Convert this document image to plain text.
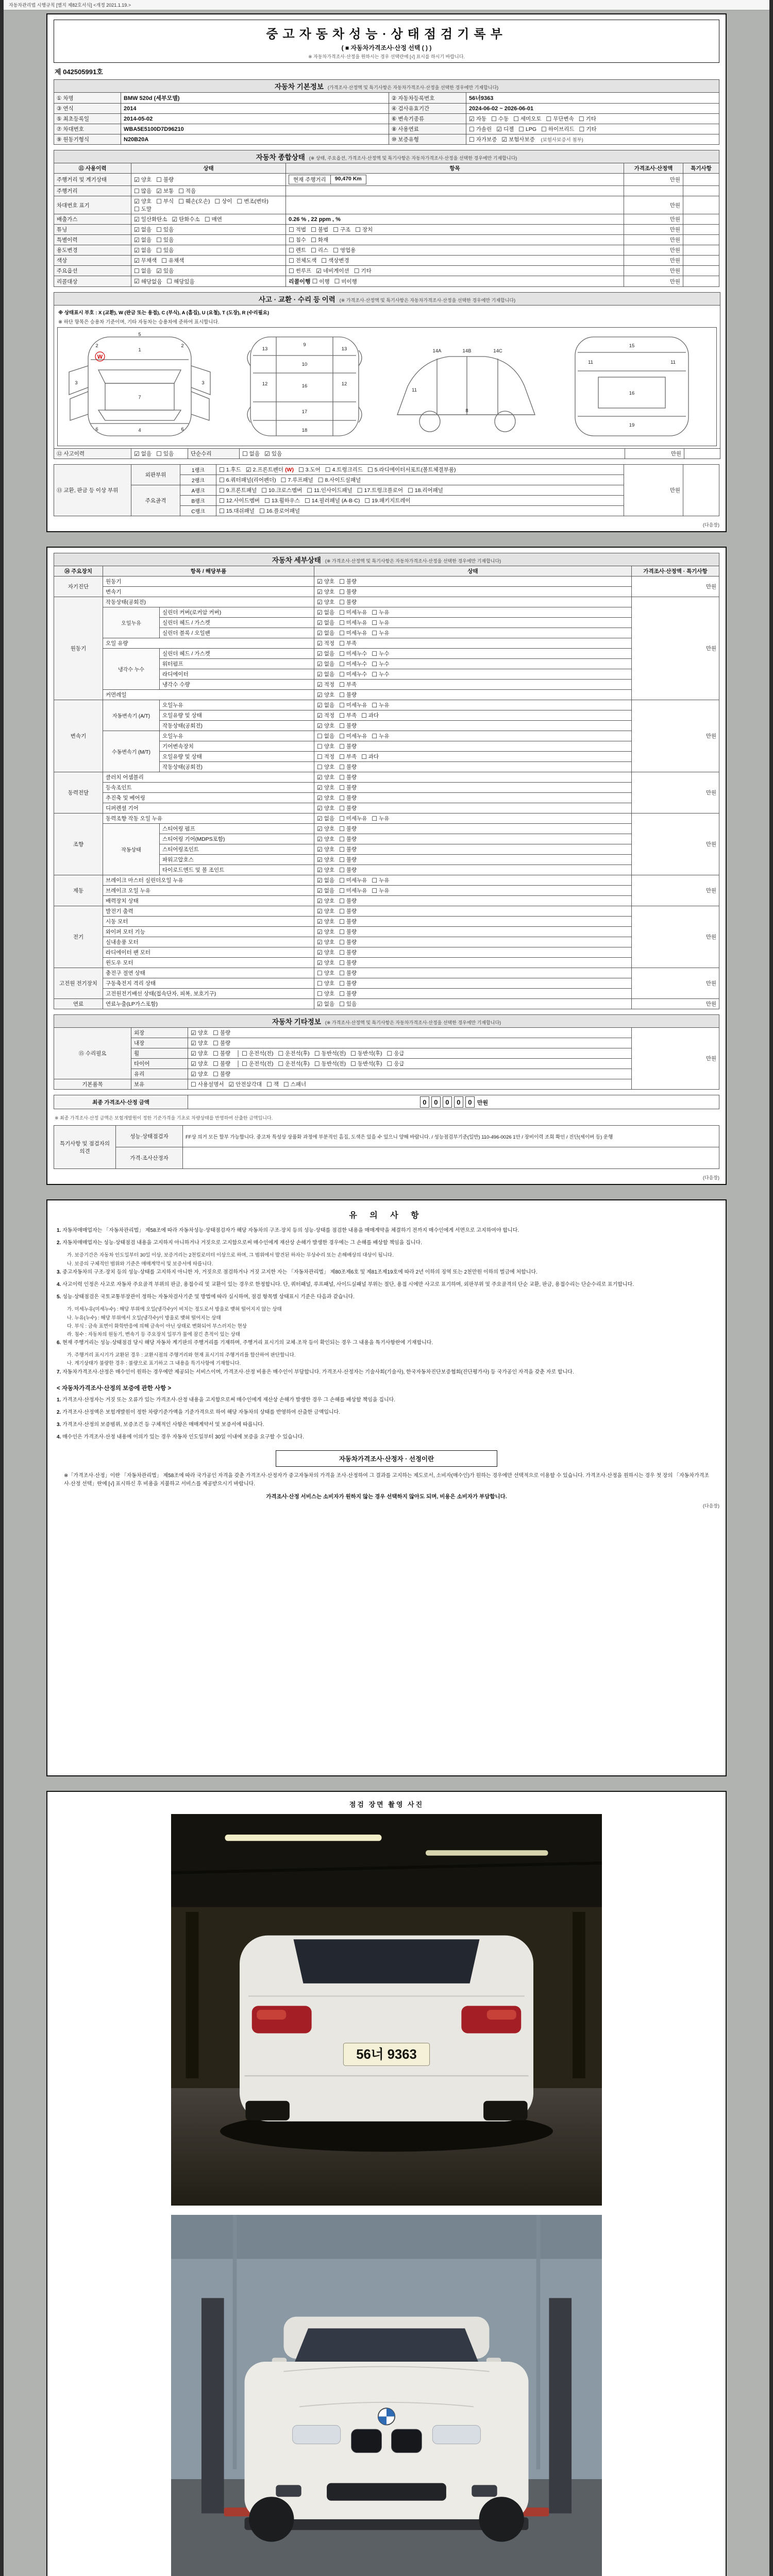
자동차관리법 시행규칙 [별지 제82호서식] <개정 2021.1.19.>
중고자동차성능·상태점검기록부
( ■ 자동차가격조사·산정 선택 ( ) )
※ 자동차가격조사·산정을 원하시는 경우 선택란에 [√] 표시를 하시기 바랍니다.
제 042505991호
자동차 기본정보 (가격조사·산정액 및 특기사항은 자동차가격조사·산정을 선택한 경우에만 기재합니다)			
① 차명	BMW 520d (세부모델)	② 자동차등록번호	56너9363
③ 연식	2014	④ 검사유효기간	2024-06-02 ~ 2026-06-01
⑤ 최초등록일	2014-05-02	⑥ 변속기종류	☑ 자동 ☐ 수동 ☐ 세미오토 ☐ 무단변속 ☐ 기타

⑦ 차대번호	WBA5E5100D7D96210	⑧ 사용연료	☐ 가솔린 ☑ 디젤 ☐ LPG ☐ 하이브리드 ☐ 기타

⑨ 원동기형식	N20B20A	⑩ 보증유형	☐ 자가보증 ☑ 보험사보증 (보험사보증서 첨부)
자동차 종합상태 (※ 상태, 주요옵션, 가격조사·산정액 및 특기사항은 자동차가격조사·산정을 선택한 경우에만 기재합니다)				
⑪ 사용이력	상태	항목	가격조사·산정액	특기사항
주행거리 및 계기상태	☑ 양호 ☐ 불량	현재 주행거리 90,470 Km	만원	
주행거리	☐ 많음 ☑ 보통 ☐ 적음

차대번호 표기	
☑ 양호 ☐ 부식 ☐ 훼손(오손) ☐ 상이 ☐ 변조(변타)
☐ 도말
		만원	
배출가스	☑ 일산화탄소 ☑ 탄화수소 ☐ 매연	0.26 % , 22 ppm , %	만원	
튜닝	☑ 없음 ☐ 있음	☐ 적법 ☐ 불법 ☐ 구조 ☐ 장치	만원	
특별이력	☑ 없음 ☐ 있음	☐ 침수 ☐ 화재	만원	
용도변경	☑ 없음 ☐ 있음	☐ 렌트 ☐ 리스 ☐ 영업용	만원	
색상	☑ 무채색 ☐ 유채색	☐ 전체도색 ☐ 색상변경	만원	
주요옵션	☐ 없음 ☑ 있음	☐ 썬루프 ☑ 네비게이션 ☐ 기타	만원	
리콜대상	☑ 해당없음 ☐ 해당있음	리콜이행 ☐ 이행 ☐ 미이행	만원	
사고 · 교환 · 수리 등 이력 (※ 가격조사·산정액 및 특기사항은 자동차가격조사·산정을 선택한 경우에만 기재합니다)

※ 상태표시 부호 : X (교환), W (판금 또는 용접), C (부식), A (흠집), U (요철), T (도장), R (수리필요)
※ 하단 항목은 승용차 기준이며, 기타 자동차는 승용차에 준하여 표시합니다.
1
7
4
2	2
3	3
6	6
5
W
9
10
12	12
13	13
16
17
18
14A	14B	14C
8
11
15
11	11
16
19

⑫ 사고이력	☑ 없음 ☐ 있음	단순수리	☐ 없음 ☑ 있음	만원	
⑬ 교환, 판금 등 이상 부위	외판부위	1랭크	☐ 1.후드 ☑ 2.프론트펜더 (W) ☐ 3.도어 ☐ 4.트렁크리드 ☐ 5.라디에이터서포트(볼트체결부품)
	만원	
2랭크	☐ 6.쿼터패널(리어펜더) ☐ 7.루프패널 ☐ 8.사이드실패널

주요골격	A랭크	☐ 9.프론트패널 ☐ 10.크로스멤버 ☐ 11.인사이드패널 ☐ 17.트렁크플로어 ☐ 18.리어패널

B랭크	☐ 12.사이드멤버 ☐ 13.휠하우스 ☐ 14.필러패널 (A·B·C) ☐ 19.패키지트레이

		C랭크	☐ 15.대쉬패널 ☐ 16.플로어패널		
(다음장)
자동차 세부상태 (※ 가격조사·산정액 및 특기사항은 자동차가격조사·산정을 선택한 경우에만 기재합니다)				
⑭ 주요장치	항목 / 해당부품		상태	가격조사·산정액 · 특기사항
자기진단	원동기		☑ 양호 ☐ 불량	만원
	변속기		☑ 양호 ☐ 불량	

원동기	작동상태(공회전)		☑ 양호 ☐ 불량	만원
오일누유	실린더 커버(로커암 커버)	☑ 없음 ☐ 미세누유 ☐ 누유

실린더 헤드 / 가스켓	☑ 없음 ☐ 미세누유 ☐ 누유

실린더 블록 / 오일팬	☑ 없음 ☐ 미세누유 ☐ 누유

	오일 유량		☑ 적정 ☐ 부족	

냉각수 누수	실린더 헤드 / 가스켓	☑ 없음 ☐ 미세누수 ☐ 누수

워터펌프	☑ 없음 ☐ 미세누수 ☐ 누수

라디에이터	☑ 없음 ☐ 미세누수 ☐ 누수

		냉각수 수량	☑ 적정 ☐ 부족	

	커먼레일		☑ 양호 ☐ 불량	

변속기	자동변속기 (A/T)	오일누유	☑ 없음 ☐ 미세누유 ☐ 누유
	만원
오일유량 및 상태	☑ 적정 ☐ 부족 ☐ 과다

		작동상태(공회전)	☑ 양호 ☐ 불량	

수동변속기 (M/T)	오일누유	☐ 없음 ☐ 미세누유 ☐ 누유

		기어변속장치	☐ 양호 ☐ 불량	

오일유량 및 상태	☐ 적정 ☐ 부족 ☐ 과다

		작동상태(공회전)	☐ 양호 ☐ 불량	

동력전달	클러치 어셈블리		☑ 양호 ☐ 불량	만원
	등속조인트		☑ 양호 ☐ 불량	

	추진축 및 베어링		☑ 양호 ☐ 불량	

	디퍼렌셜 기어		☑ 양호 ☐ 불량	

조향	동력조향 작동 오일 누유	☑ 없음 ☐ 미세누유 ☐ 누유
	만원
	작동상태	스티어링 펌프	☑ 양호 ☐ 불량	

		스티어링 기어(MDPS포함)	☑ 양호 ☐ 불량	

		스티어링조인트	☑ 양호 ☐ 불량	

		파워고압호스	☑ 양호 ☐ 불량	

		타이로드엔드 및 볼 조인트	☑ 양호 ☐ 불량	

제동	브레이크 마스터 실린더오일 누유	☑ 없음 ☐ 미세누유 ☐ 누유
	만원
브레이크 오일 누유	☑ 없음 ☐ 미세누유 ☐ 누유

	배력장치 상태		☑ 양호 ☐ 불량	

전기	발전기 출력		☑ 양호 ☐ 불량	만원
	시동 모터		☑ 양호 ☐ 불량	

	와이퍼 모터 기능		☑ 양호 ☐ 불량	

	실내송풍 모터		☑ 양호 ☐ 불량	

	라디에이터 팬 모터		☑ 양호 ☐ 불량	

	윈도우 모터		☑ 양호 ☐ 불량	

고전원 전기장치	충전구 절연 상태		☐ 양호 ☐ 불량	만원
	구동축전지 격리 상태		☐ 양호 ☐ 불량	

	고전원전기배선 상태(접속단자, 피복, 보호기구)		☐ 양호 ☐ 불량	

연료	연료누출(LP가스포함)		☑ 없음 ☐ 있음	만원
자동차 기타정보 (※ 가격조사·산정액 및 특기사항은 자동차가격조사·산정을 선택한 경우에만 기재합니다)			
⑮ 수리필요	외장	☑ 양호 ☐ 불량	만원
	내장	☑ 양호 ☐ 불량	

휠	☑ 양호 ☐ 불량 │ ☐ 운전석(전) ☐ 운전석(후) ☐ 동반석(전) ☐ 동반석(후) ☐ 응급

타이어	☑ 양호 ☐ 불량 │ ☐ 운전석(전) ☐ 운전석(후) ☐ 동반석(전) ☐ 동반석(후) ☐ 응급

	유리	☑ 양호 ☐ 불량	

기본품목	보유	☐ 사용설명서 ☑ 안전삼각대 ☐ 잭 ☐ 스패너
최종 가격조사·산정 금액	0 0 0 0 0 만원
※ 최종 가격조사·산정 금액은 보험개발원이 정한 기준가격을 기초로 차량상태를 반영하여 산출한 금액입니다.
특기사항 및 점검자의 의견	성능·상태점검자	FF상 의거 모든 할부 가능합니다. 중고차 특성상 상품화 과정에 부분적인 흠집, 도색은 있을 수 있으니 양해 바랍니다. / 성능점검부기준(일반) 110-496-0026 1안 / 장비이력 조회 확인 / 진단(세이버 등) 운행
	가격·조사산정자	
(다음장)
유 의 사 항
1. 자동차매매업자는 「자동차관리법」 제58조에 따라 자동차성능·상태점검자가 해당 자동차의 구조·장치 등의 성능·상태를 점검한 내용을 매매계약을 체결하기 전까지 매수인에게 서면으로 고지하여야 합니다.
2. 자동차매매업자는 성능·상태점검 내용을 고지하지 아니하거나 거짓으로 고지함으로써 매수인에게 재산상 손해가 발생한 경우에는 그 손해를 배상할 책임을 집니다.
가. 보증기간은 자동차 인도일부터 30일 이상, 보증거리는 2천킬로미터 이상으로 하며, 그 범위에서 발견된 하자는 무상수리 또는 손해배상의 대상이 됩니다.
나. 보증의 구체적인 범위와 기준은 매매계약서 및 보증서에 따릅니다.
3. 중고자동차의 구조·장치 등의 성능·상태를 고지하지 아니한 자, 거짓으로 점검하거나 거짓 고지한 자는 「자동차관리법」 제80조제6호 및 제81조제19호에 따라 2년 이하의 징역 또는 2천만원 이하의 벌금에 처합니다.
4. 사고이력 인정은 사고로 자동차 주요골격 부위의 판금, 용접수리 및 교환이 있는 경우로 한정합니다. 단, 쿼터패널, 루프패널, 사이드실패널 부위는 절단, 용접 시에만 사고로 표기하며, 외판부위 및 주요골격의 단순 교환, 판금, 용접수리는 단순수리로 표기합니다.
5. 성능·상태점검은 국토교통부장관이 정하는 자동차검사기준 및 방법에 따라 실시하며, 점검 항목별 상태표시 기준은 다음과 같습니다.
가. 미세누유(미세누수) : 해당 부위에 오일(냉각수)이 비치는 정도로서 방울로 맺혀 떨어지지 않는 상태
나. 누유(누수) : 해당 부위에서 오일(냉각수)이 방울로 맺혀 떨어지는 상태
다. 부식 : 금속 표면이 화학반응에 의해 금속이 아닌 상태로 변화되어 부스러지는 현상
라. 침수 : 자동차의 원동기, 변속기 등 주요장치 일부가 물에 잠긴 흔적이 있는 상태
6. 현재 주행거리는 성능·상태점검 당시 해당 자동차 계기판의 주행거리를 기재하며, 주행거리 표시기의 교체·조작 등이 확인되는 경우 그 내용을 특기사항란에 기재합니다.
가. 주행거리 표시기가 교환된 경우 : 교환시점의 주행거리와 현재 표시기의 주행거리를 합산하여 판단합니다.
나. 계기상태가 불량한 경우 : 불량으로 표기하고 그 내용을 특기사항에 기재합니다.
7. 자동차가격조사·산정은 매수인이 원하는 경우에만 제공되는 서비스이며, 가격조사·산정 비용은 매수인이 부담합니다. 가격조사·산정자는 기술사회(기술사), 한국자동차진단보증협회(진단평가사) 등 국가공인 자격을 갖춘 자로 합니다.
< 자동차가격조사·산정의 보증에 관한 사항 >
1. 가격조사·산정자는 거짓 또는 오류가 있는 가격조사·산정 내용을 고지함으로써 매수인에게 재산상 손해가 발생한 경우 그 손해를 배상할 책임을 집니다.
2. 가격조사·산정액은 보험개발원이 정한 차량기준가액을 기준가격으로 하여 해당 자동차의 상태를 반영하여 산출한 금액입니다.
3. 가격조사·산정의 보증범위, 보증조건 등 구체적인 사항은 매매계약서 및 보증서에 따릅니다.
4. 매수인은 가격조사·산정 내용에 이의가 있는 경우 자동차 인도일부터 30일 이내에 보증을 요구할 수 있습니다.
자동차가격조사·산정자 · 선정이란
※「가격조사·산정」이란 「자동차관리법」 제58조에 따라 국가공인 자격을 갖춘 가격조사·산정자가 중고자동차의 가격을 조사·산정하여 그 결과를 고지하는 제도로서, 소비자(매수인)가 원하는 경우에만 선택적으로 이용할 수 있습니다. 가격조사·산정을 원하시는 경우 첫 장의 「자동차가격조사·산정 선택」란에 [√] 표시하신 후 비용을 지불하고 서비스를 제공받으시기 바랍니다.
가격조사·산정 서비스는 소비자가 원하지 않는 경우 선택하지 않아도 되며, 비용은 소비자가 부담합니다.
(다음장)
점검 장면 촬영 사진
56너 9363
